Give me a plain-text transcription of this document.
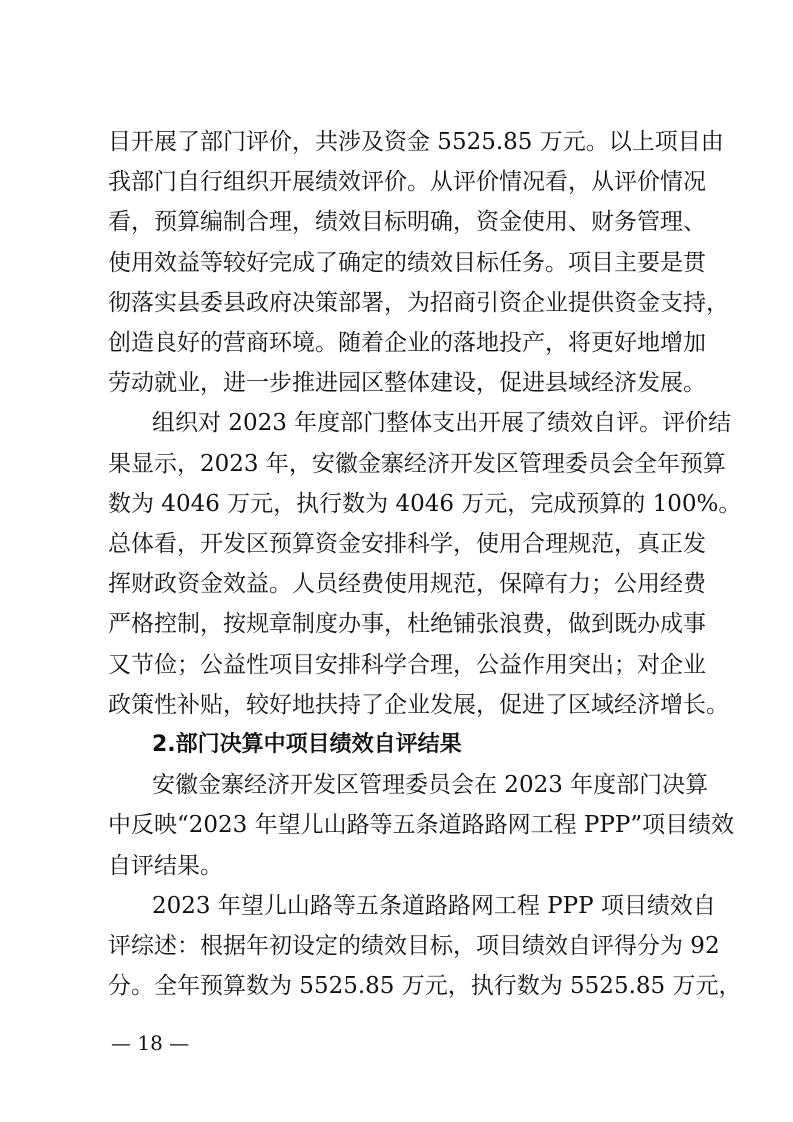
目开展了部门评价，共涉及资金 5525.85 万元。以上项目由
我部门自行组织开展绩效评价。从评价情况看，从评价情况
看，预算编制合理，绩效目标明确，资金使用、财务管理、
使用效益等较好完成了确定的绩效目标任务。项目主要是贯
彻落实县委县政府决策部署，为招商引资企业提供资金支持，
创造良好的营商环境。随着企业的落地投产，将更好地增加
劳动就业，进一步推进园区整体建设，促进县域经济发展。
组织对 2023 年度部门整体支出开展了绩效自评。评价结
果显示，2023 年，安徽金寨经济开发区管理委员会全年预算
数为 4046 万元，执行数为 4046 万元，完成预算的 100%。
总体看，开发区预算资金安排科学，使用合理规范，真正发
挥财政资金效益。人员经费使用规范，保障有力；公用经费
严格控制，按规章制度办事，杜绝铺张浪费，做到既办成事
又节俭；公益性项目安排科学合理，公益作用突出；对企业
政策性补贴，较好地扶持了企业发展，促进了区域经济增长。
2.部门决算中项目绩效自评结果
安徽金寨经济开发区管理委员会在 2023 年度部门决算
中反映“2023 年望儿山路等五条道路路网工程 PPP”项目绩效
自评结果。
2023 年望儿山路等五条道路路网工程 PPP 项目绩效自
评综述：根据年初设定的绩效目标，项目绩效自评得分为 92
分。全年预算数为 5525.85 万元，执行数为 5525.85 万元，
— 18 —
